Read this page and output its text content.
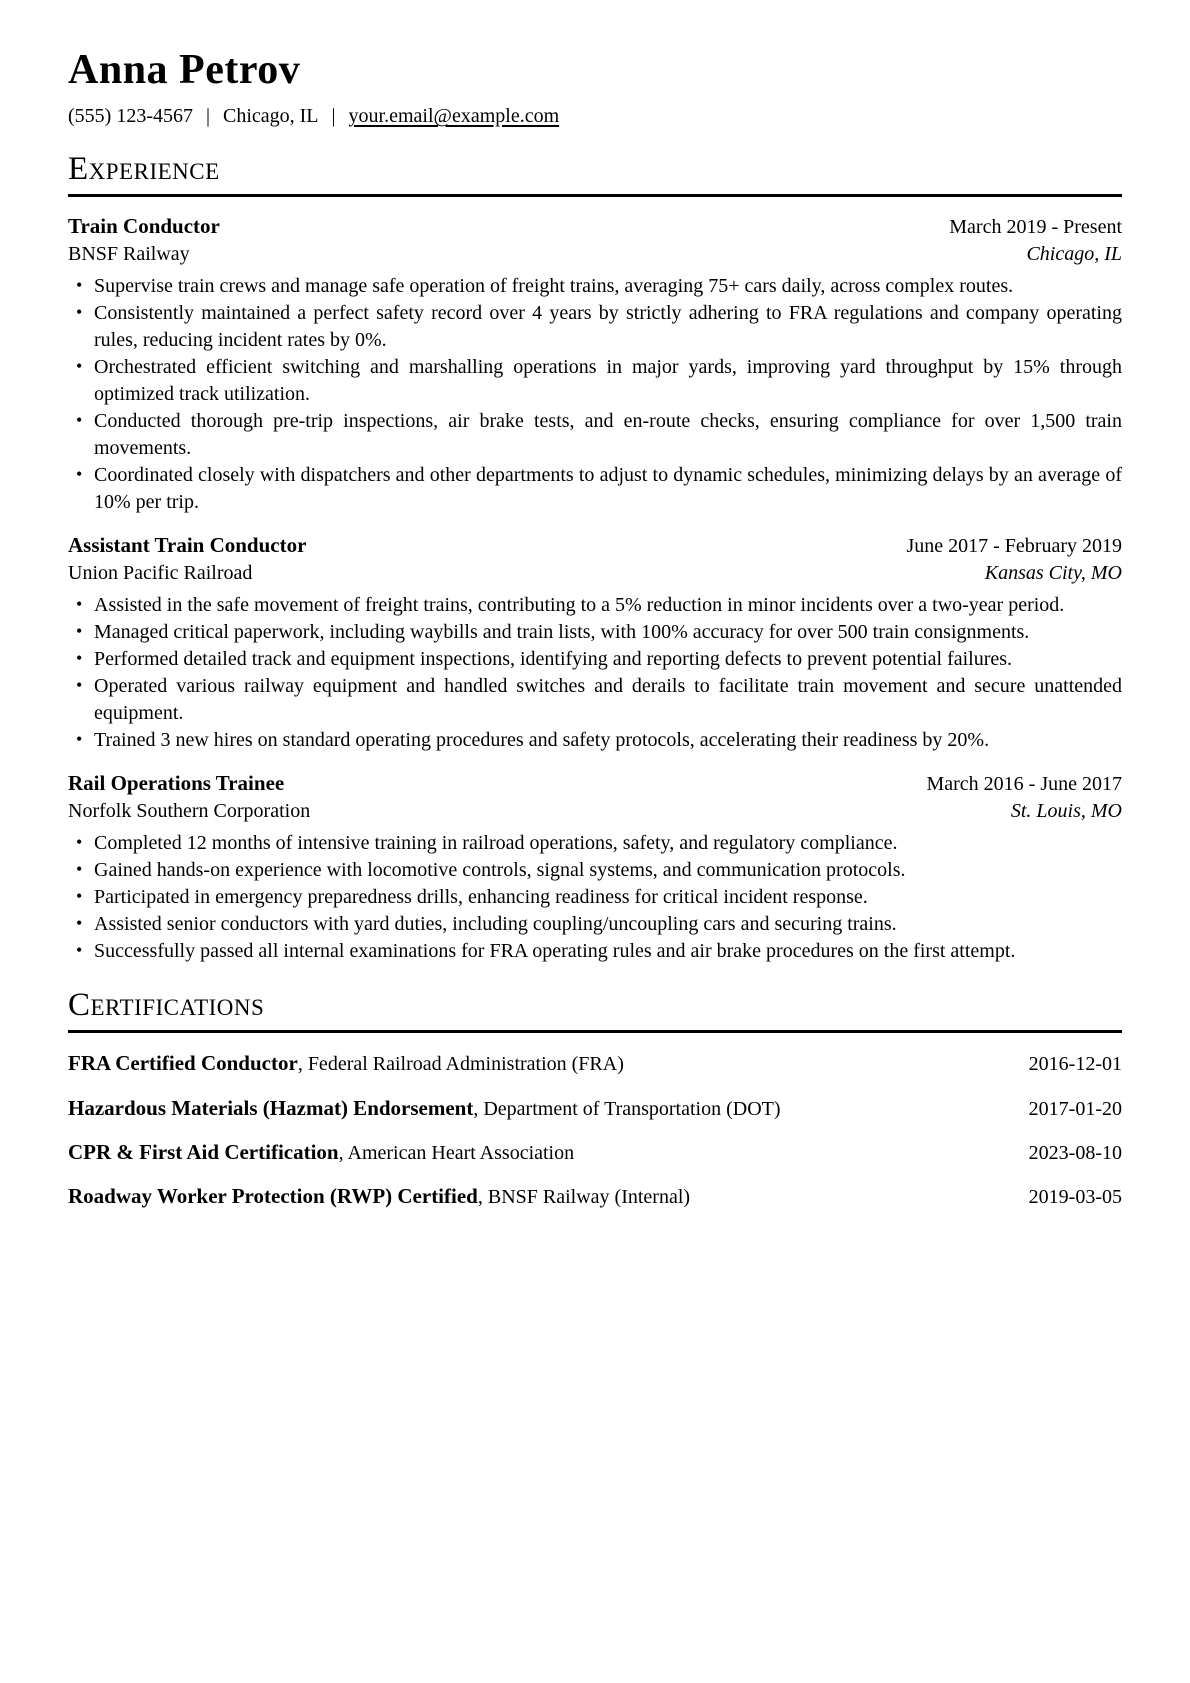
Anna Petrov
(555) 123-4567 | Chicago, IL | your.email@example.com
Experience
Train Conductor	March 2019 - Present
BNSF Railway	Chicago, IL
• Supervise train crews and manage safe operation of freight trains, averaging 75+ cars daily, across complex routes.
• Consistently maintained a perfect safety record over 4 years by strictly adhering to FRA regulations and company operating rules, reducing incident rates by 0%.
• Orchestrated efficient switching and marshalling operations in major yards, improving yard throughput by 15% through optimized track utilization.
• Conducted thorough pre-trip inspections, air brake tests, and en-route checks, ensuring compliance for over 1,500 train movements.
• Coordinated closely with dispatchers and other departments to adjust to dynamic schedules, minimizing delays by an average of 10% per trip.
Assistant Train Conductor	June 2017 - February 2019
Union Pacific Railroad	Kansas City, MO
• Assisted in the safe movement of freight trains, contributing to a 5% reduction in minor incidents over a two-year period.
• Managed critical paperwork, including waybills and train lists, with 100% accuracy for over 500 train consignments.
• Performed detailed track and equipment inspections, identifying and reporting defects to prevent potential failures.
• Operated various railway equipment and handled switches and derails to facilitate train movement and secure unattended equipment.
• Trained 3 new hires on standard operating procedures and safety protocols, accelerating their readiness by 20%.
Rail Operations Trainee	March 2016 - June 2017
Norfolk Southern Corporation	St. Louis, MO
• Completed 12 months of intensive training in railroad operations, safety, and regulatory compliance.
• Gained hands-on experience with locomotive controls, signal systems, and communication protocols.
• Participated in emergency preparedness drills, enhancing readiness for critical incident response.
• Assisted senior conductors with yard duties, including coupling/uncoupling cars and securing trains.
• Successfully passed all internal examinations for FRA operating rules and air brake procedures on the first attempt.
Certifications
FRA Certified Conductor, Federal Railroad Administration (FRA)	2016-12-01
Hazardous Materials (Hazmat) Endorsement, Department of Transportation (DOT)	2017-01-20
CPR & First Aid Certification, American Heart Association	2023-08-10
Roadway Worker Protection (RWP) Certified, BNSF Railway (Internal)	2019-03-05
